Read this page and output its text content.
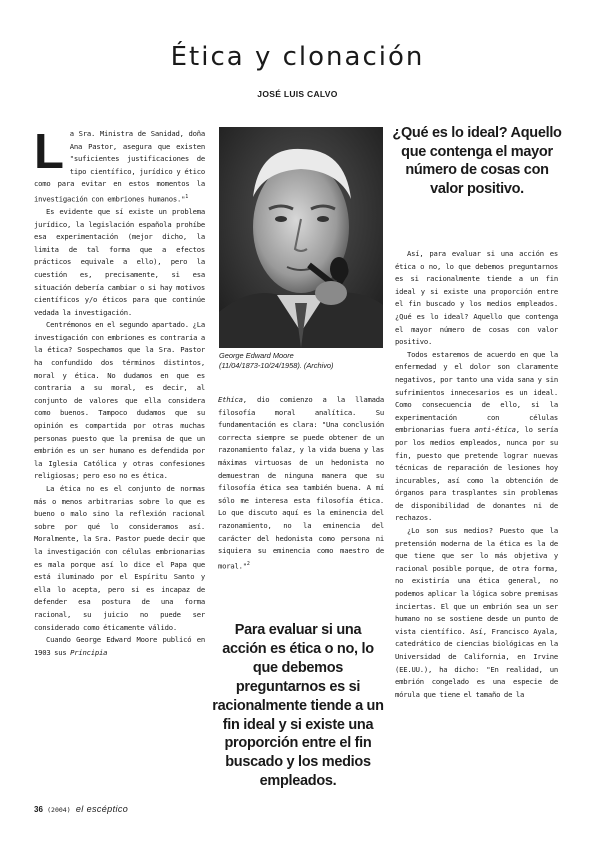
Ética y clonación
JOSÉ LUIS CALVO

La Sra. Ministra de Sanidad, doña Ana Pastor, asegura que existen "suficientes justificaciones de tipo científico, jurídico y ético como para evitar en estos momentos la investigación con embriones humanos."$^1$

Es evidente que sí existe un problema jurídico, la legislación española prohíbe esa experimentación (mejor dicho, la limita de tal forma que a efectos prácticos equivale a ello), pero la cuestión es, precisamente, si esa situación debería cambiar o si hay motivos científicos y/o éticos para que continúe vedada la investigación.

Centrémonos en el segundo apartado. ¿La investigación con embriones es contraria a la ética? Sospechamos que la Sra. Pastor ha confundido dos términos distintos, moral y ética. No dudamos en que es contraria a su moral, es decir, al conjunto de valores que ella considera como buenos. Tampoco dudamos que su opinión es compartida por otras muchas personas puesto que la premisa de que un embrión es un ser humano es defendida por la Iglesia Católica y otras confesiones religiosas; pero eso no es ética.

La ética no es el conjunto de normas más o menos arbitrarias sobre lo que es bueno o malo sino la reflexión racional sobre por qué lo consideramos así. Moralmente, la Sra. Pastor puede decir que la investigación con células embrionarias es mala porque así lo dice el Papa que está iluminado por el Espíritu Santo y ella lo acepta, pero si es incapaz de defender esa postura de una forma racional, su juicio no puede ser considerado como éticamente válido.

Cuando George Edward Moore publicó en 1903 sus Principia

George Edward Moore
(11/04/1873-10/24/1958). (Archivo)

Ethica, dio comienzo a la llamada filosofía moral analítica. Su fundamentación es clara: "Una conclusión correcta siempre se puede obtener de un razonamiento falaz, y la vida buena y las máximas virtuosas de un hedonista no demuestran de ninguna manera que su filosofía ética sea también buena. A mí sólo me interesa esta filosofía ética. Lo que discuto aquí es la eminencia del razonamiento, no la eminencia del carácter del hedonista como persona ni siquiera su eminencia como maestro de moral."$^2$

¿Qué es lo ideal? Aquello que contenga el mayor número de cosas con valor positivo.
Para evaluar si una acción es ética o no, lo que debemos preguntarnos es si racionalmente tiende a un fin ideal y si existe una proporción entre el fin buscado y los medios empleados.

Así, para evaluar si una acción es ética o no, lo que debemos preguntarnos es si racionalmente tiende a un fin ideal y si existe una proporción entre el fin buscado y los medios empleados. ¿Qué es lo ideal? Aquello que contenga el mayor número de cosas con valor positivo.

Todos estaremos de acuerdo en que la enfermedad y el dolor son claramente negativos, por tanto una vida sana y sin sufrimientos innecesarios es un ideal. Como consecuencia de ello, si la experimentación con células embrionarias fuera anti-ética, lo sería por los medios empleados, nunca por su fin, puesto que pretende lograr nuevas técnicas de reparación de lesiones hoy incurables, así como la obtención de órganos para trasplantes sin problemas de disponibilidad de donantes ni de rechazos.

¿Lo son sus medios? Puesto que la pretensión moderna de la ética es la de que tiene que ser lo más objetiva y racional posible porque, de otra forma, no existiría una ética general, no podemos aplicar la lógica sobre premisas inciertas. El que un embrión sea un ser humano no se sostiene desde un punto de vista científico. Así, Francisco Ayala, catedrático de ciencias biológicas en la Universidad de California, en Irvine (EE.UU.), ha dicho: "En realidad, un embrión congelado es una especie de mórula que tiene el tamaño de la

36 (2004) el escéptico
